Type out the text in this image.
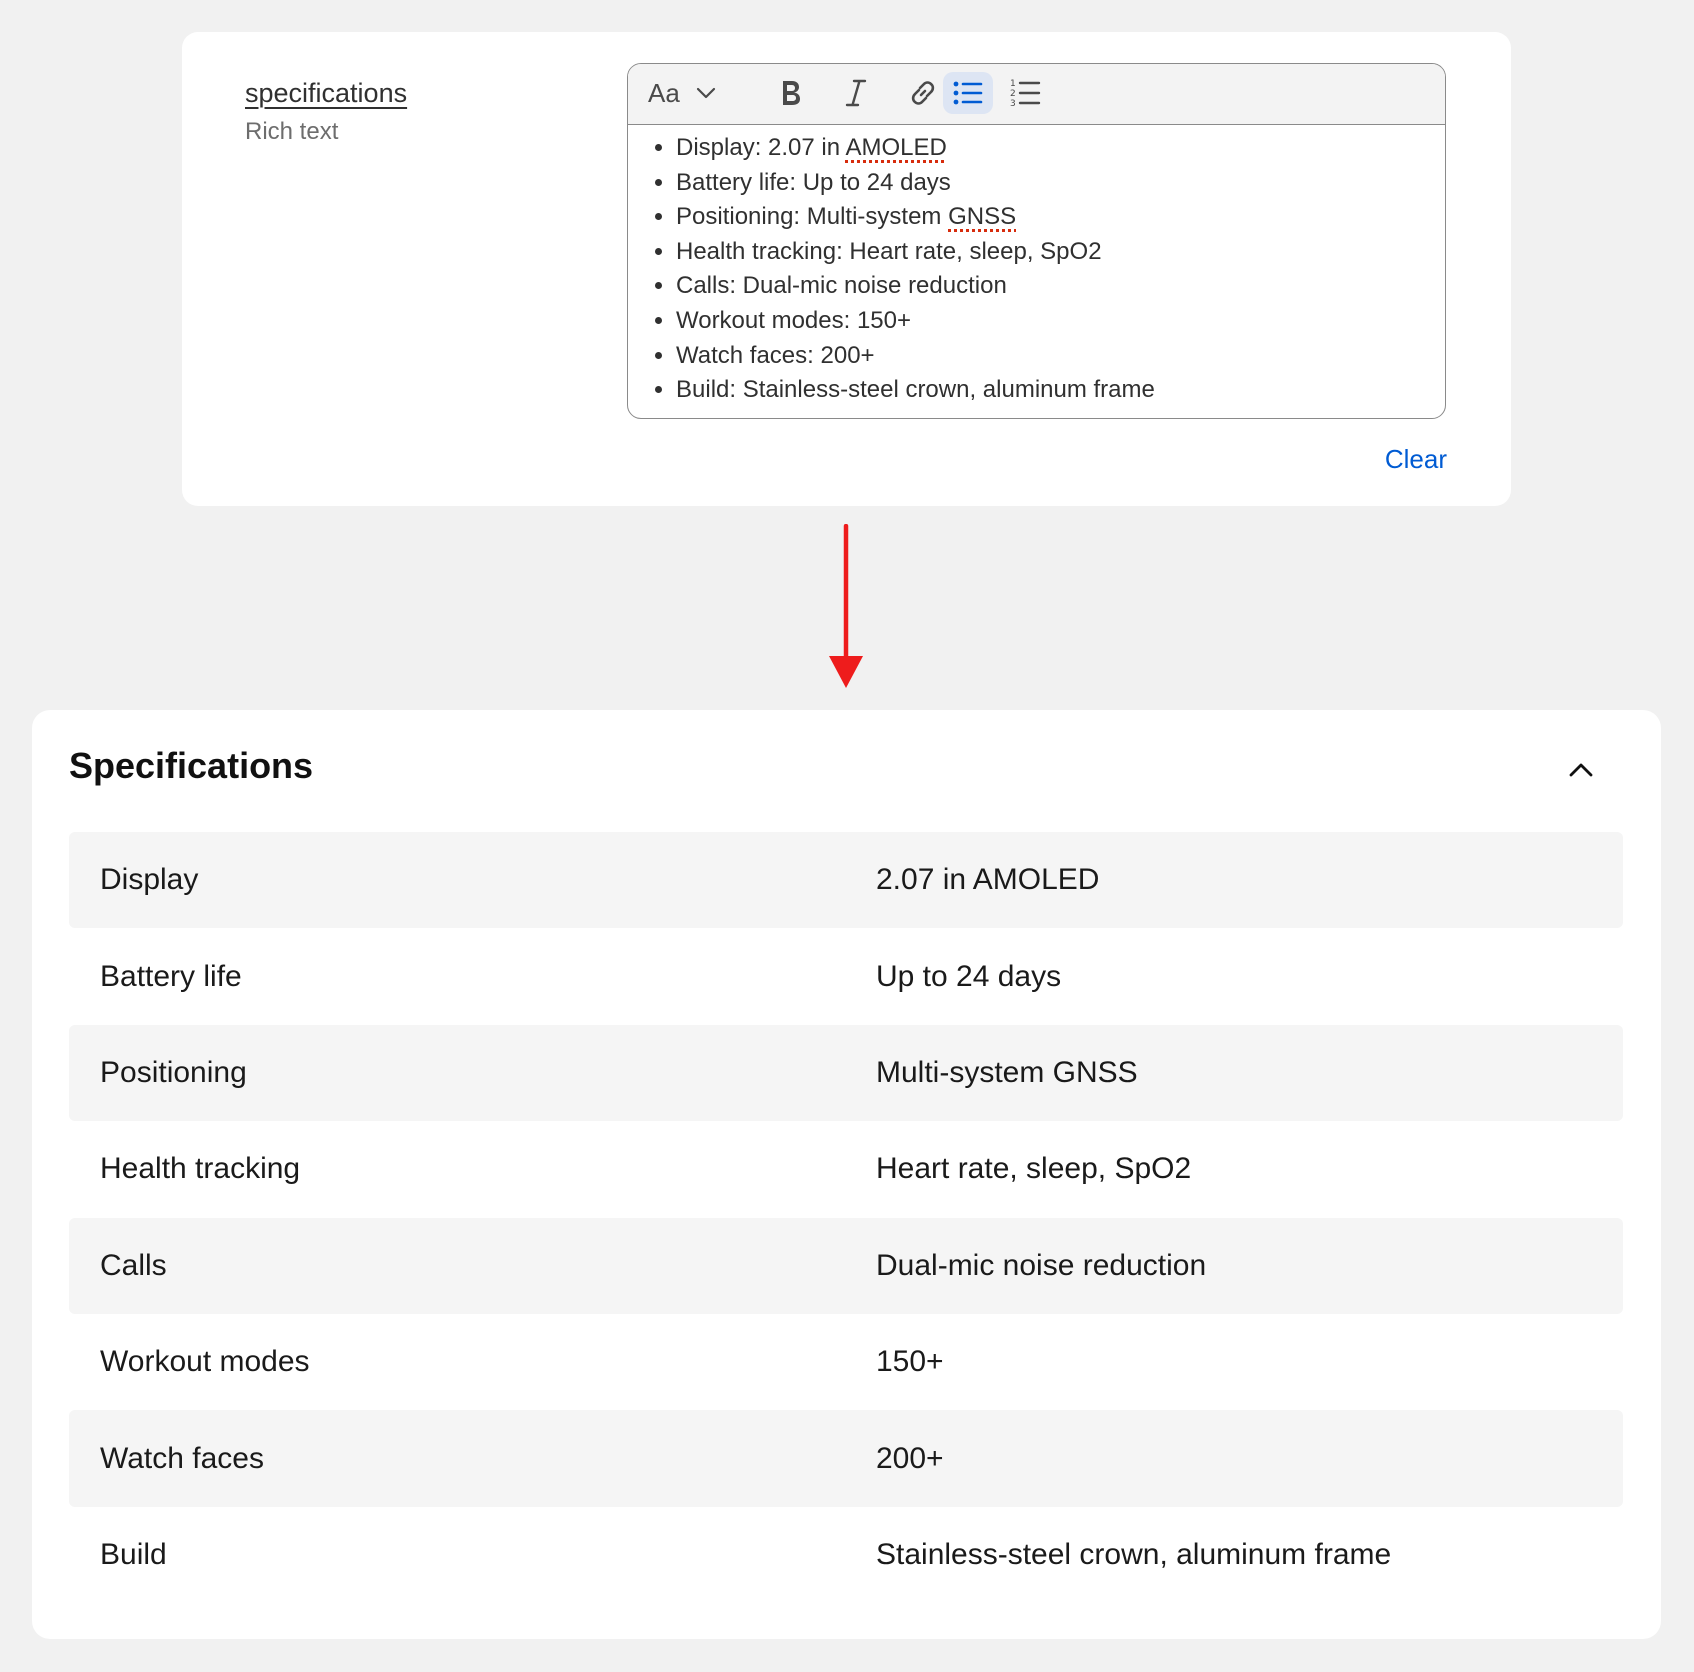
specifications
Rich text
Aa	1
2
3
• Display: 2.07 in AMOLED
• Battery life: Up to 24 days
• Positioning: Multi-system GNSS
• Health tracking: Heart rate, sleep, SpO2
• Calls: Dual-mic noise reduction
• Workout modes: 150+
• Watch faces: 200+
• Build: Stainless-steel crown, aluminum frame
Clear
Specifications
Display	2.07 in AMOLED
Battery life	Up to 24 days
Positioning	Multi-system GNSS
Health tracking	Heart rate, sleep, SpO2
Calls	Dual-mic noise reduction
Workout modes	150+
Watch faces	200+
Build	Stainless-steel crown, aluminum frame
